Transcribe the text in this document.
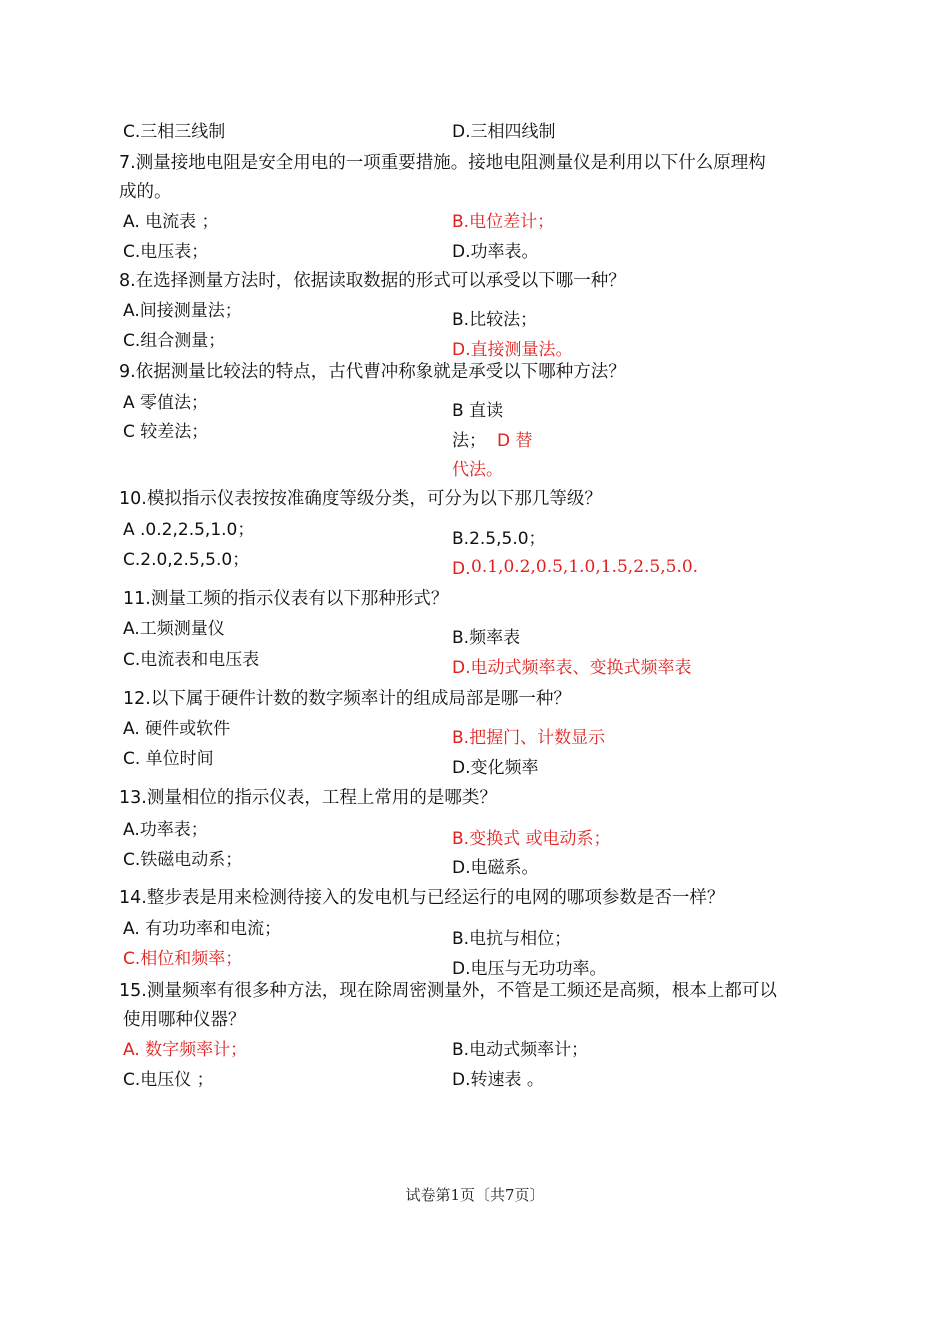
C.三相三线制	D.三相四线制
7.测量接地电阻是安全用电的一项重要措施。接地电阻测量仪是利用以下什么原理构
成的。
A. 电流表 ；	B.电位差计；
C.电压表；	D.功率表。
8.在选择测量方法时，依据读取数据的形式可以承受以下哪一种？
A.间接测量法；	B.比较法；
C.组合测量；	D.直接测量法。
9.依据测量比较法的特点，古代曹冲称象就是承受以下哪种方法？
A 零值法；	B 直读
C 较差法；	法； D 替
代法。
10.模拟指示仪表按按准确度等级分类，可分为以下那几等级？
A .0.2,2.5,1.0；	B.2.5,5.0；
C.2.0,2.5,5.0；	D. 0.1,0.2,0.5,1.0,1.5,2.5,5.0.
11.测量工频的指示仪表有以下那种形式？
A.工频测量仪	B.频率表
C.电流表和电压表	D.电动式频率表、变换式频率表
12.以下属于硬件计数的数字频率计的组成局部是哪一种？
A. 硬件或软件	B.把握门、计数显示
C. 单位时间	D.变化频率
13.测量相位的指示仪表，工程上常用的是哪类？
A.功率表；	B.变换式 或电动系；
C.铁磁电动系；	D.电磁系。
14.整步表是用来检测待接入的发电机与已经运行的电网的哪项参数是否一样？
A. 有功功率和电流；	B.电抗与相位；
C.相位和频率；	D.电压与无功功率。
15.测量频率有很多种方法，现在除周密测量外，不管是工频还是高频，根本上都可以
使用哪种仪器？
A. 数字频率计；	B.电动式频率计；
C.电压仪 ；	D.转速表 。
试卷第1页〔共7页〕
